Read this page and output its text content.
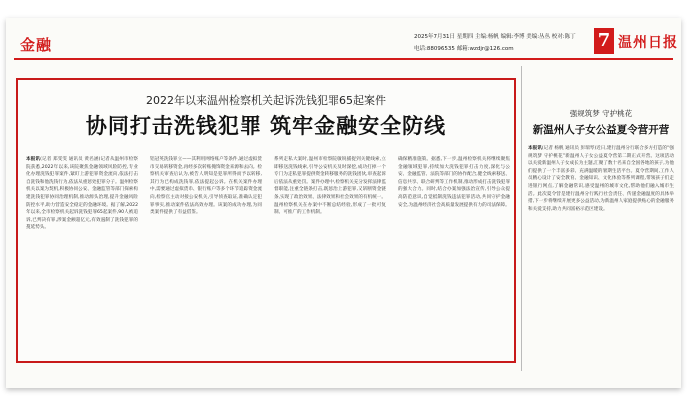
金融	2025年7月31日 星期四 主编:杨帆 编辑:李博 美编:丛丛 校对:陈丁
电话:88096535 邮箱:wzdjr@126.com	7 温州日报
2022年以来温州检察机关起诉洗钱犯罪65起案件
协同打击洗钱犯罪 筑牢金融安全防线
本报讯(记者 郑雯雯 通讯员 黄名涵)记者从温州市检察院获悉,2022年以来,该院聚焦金融领域风险防控,专业化办理洗钱犯罪案件,紧盯上游犯罪资金流向,依法打击自洗钱和他洗钱行为,依法从重惩处犯罪分子。温州检察机关以案为契机,积极协同公安、金融监管等部门探索构建洗钱犯罪协同治理机制,推动源头治理,提升金融风险防控水平,助力营造安全稳定的金融环境。据了解,2022年以来,全市检察机关起诉洗钱犯罪65起案件,90人被追诉,已判决有罪,涉案金额超亿元,有效遏制了洗钱犯罪的蔓延势头。
铝冠英洗钱罪立——其利用网络账户等条件,通过虚拟货币交易转移资金,再经多次转账掩饰资金来源和去向。检察机关审查后认为,被告人明知是犯罪所得而予以转移,其行为已构成洗钱罪,依法提起公诉。在机关案件办理中,需要通过虚拟货币、银行账户等多个环节追踪资金流向,检察官主动对接公安机关,引导侦查取证,准确认定犯罪事实,推动案件依法高效办理。该案的成功办理,为同类案件提供了有益借鉴。
系列走私大案时,温州市检察院敏锐捕捉到关键线索,立即移送洗钱线索,引导公安机关及时深挖,成功打掉一个专门为走私犯罪提供资金转移服务的洗钱团伙,审查起诉后依法从重处罚。案件办理中,检察机关充分发挥法律监督职能,注重全链条打击,既惩治上游犯罪,又斩断资金链条,实现了政治效果、法律效果和社会效果的有机统一。温州检察机关在办案中不断总结经验,形成了一批可复制、可推广的工作机制。
确保精准施策。据悉,下一步,温州检察机关将继续聚焦金融领域犯罪,持续加大洗钱犯罪打击力度,深化与公安、金融监管、法院等部门的协作配合,健全线索移送、信息共享、联合研判等工作机制,推动形成打击洗钱犯罪的强大合力。同时,结合办案加强法治宣传,引导公众提高防范意识,自觉抵制洗钱违法犯罪活动,共同守护金融安全,为温州经济社会高质量发展提供有力的司法保障。
强规筑梦 守护桃花
新温州人子女公益夏令营开营
本报讯(记者 杨帆 通讯员 彭瑞琴)近日,建行温州分行联合多方打造的“强规筑梦 守护桃花”新温州人子女公益夏令营第二期正式开营。这项活动以关爱新温州人子女成长为主题,汇聚了数十名来自全国各地的孩子,为他们提供了一个丰富多彩、充满温暖的暑期生活平台。夏令营期间,工作人员精心设计了安全教育、金融知识、文化体验等系列课程,带领孩子们走进银行网点,了解金融常识,感受温州的城市文化,帮助他们融入城市生活。此次夏令营是建行温州分行践行社会责任、传递金融温度的具体举措,下一步将继续开展更多公益活动,为新温州人家庭提供贴心的金融服务和关爱支持,助力共同富裕示范区建设。
